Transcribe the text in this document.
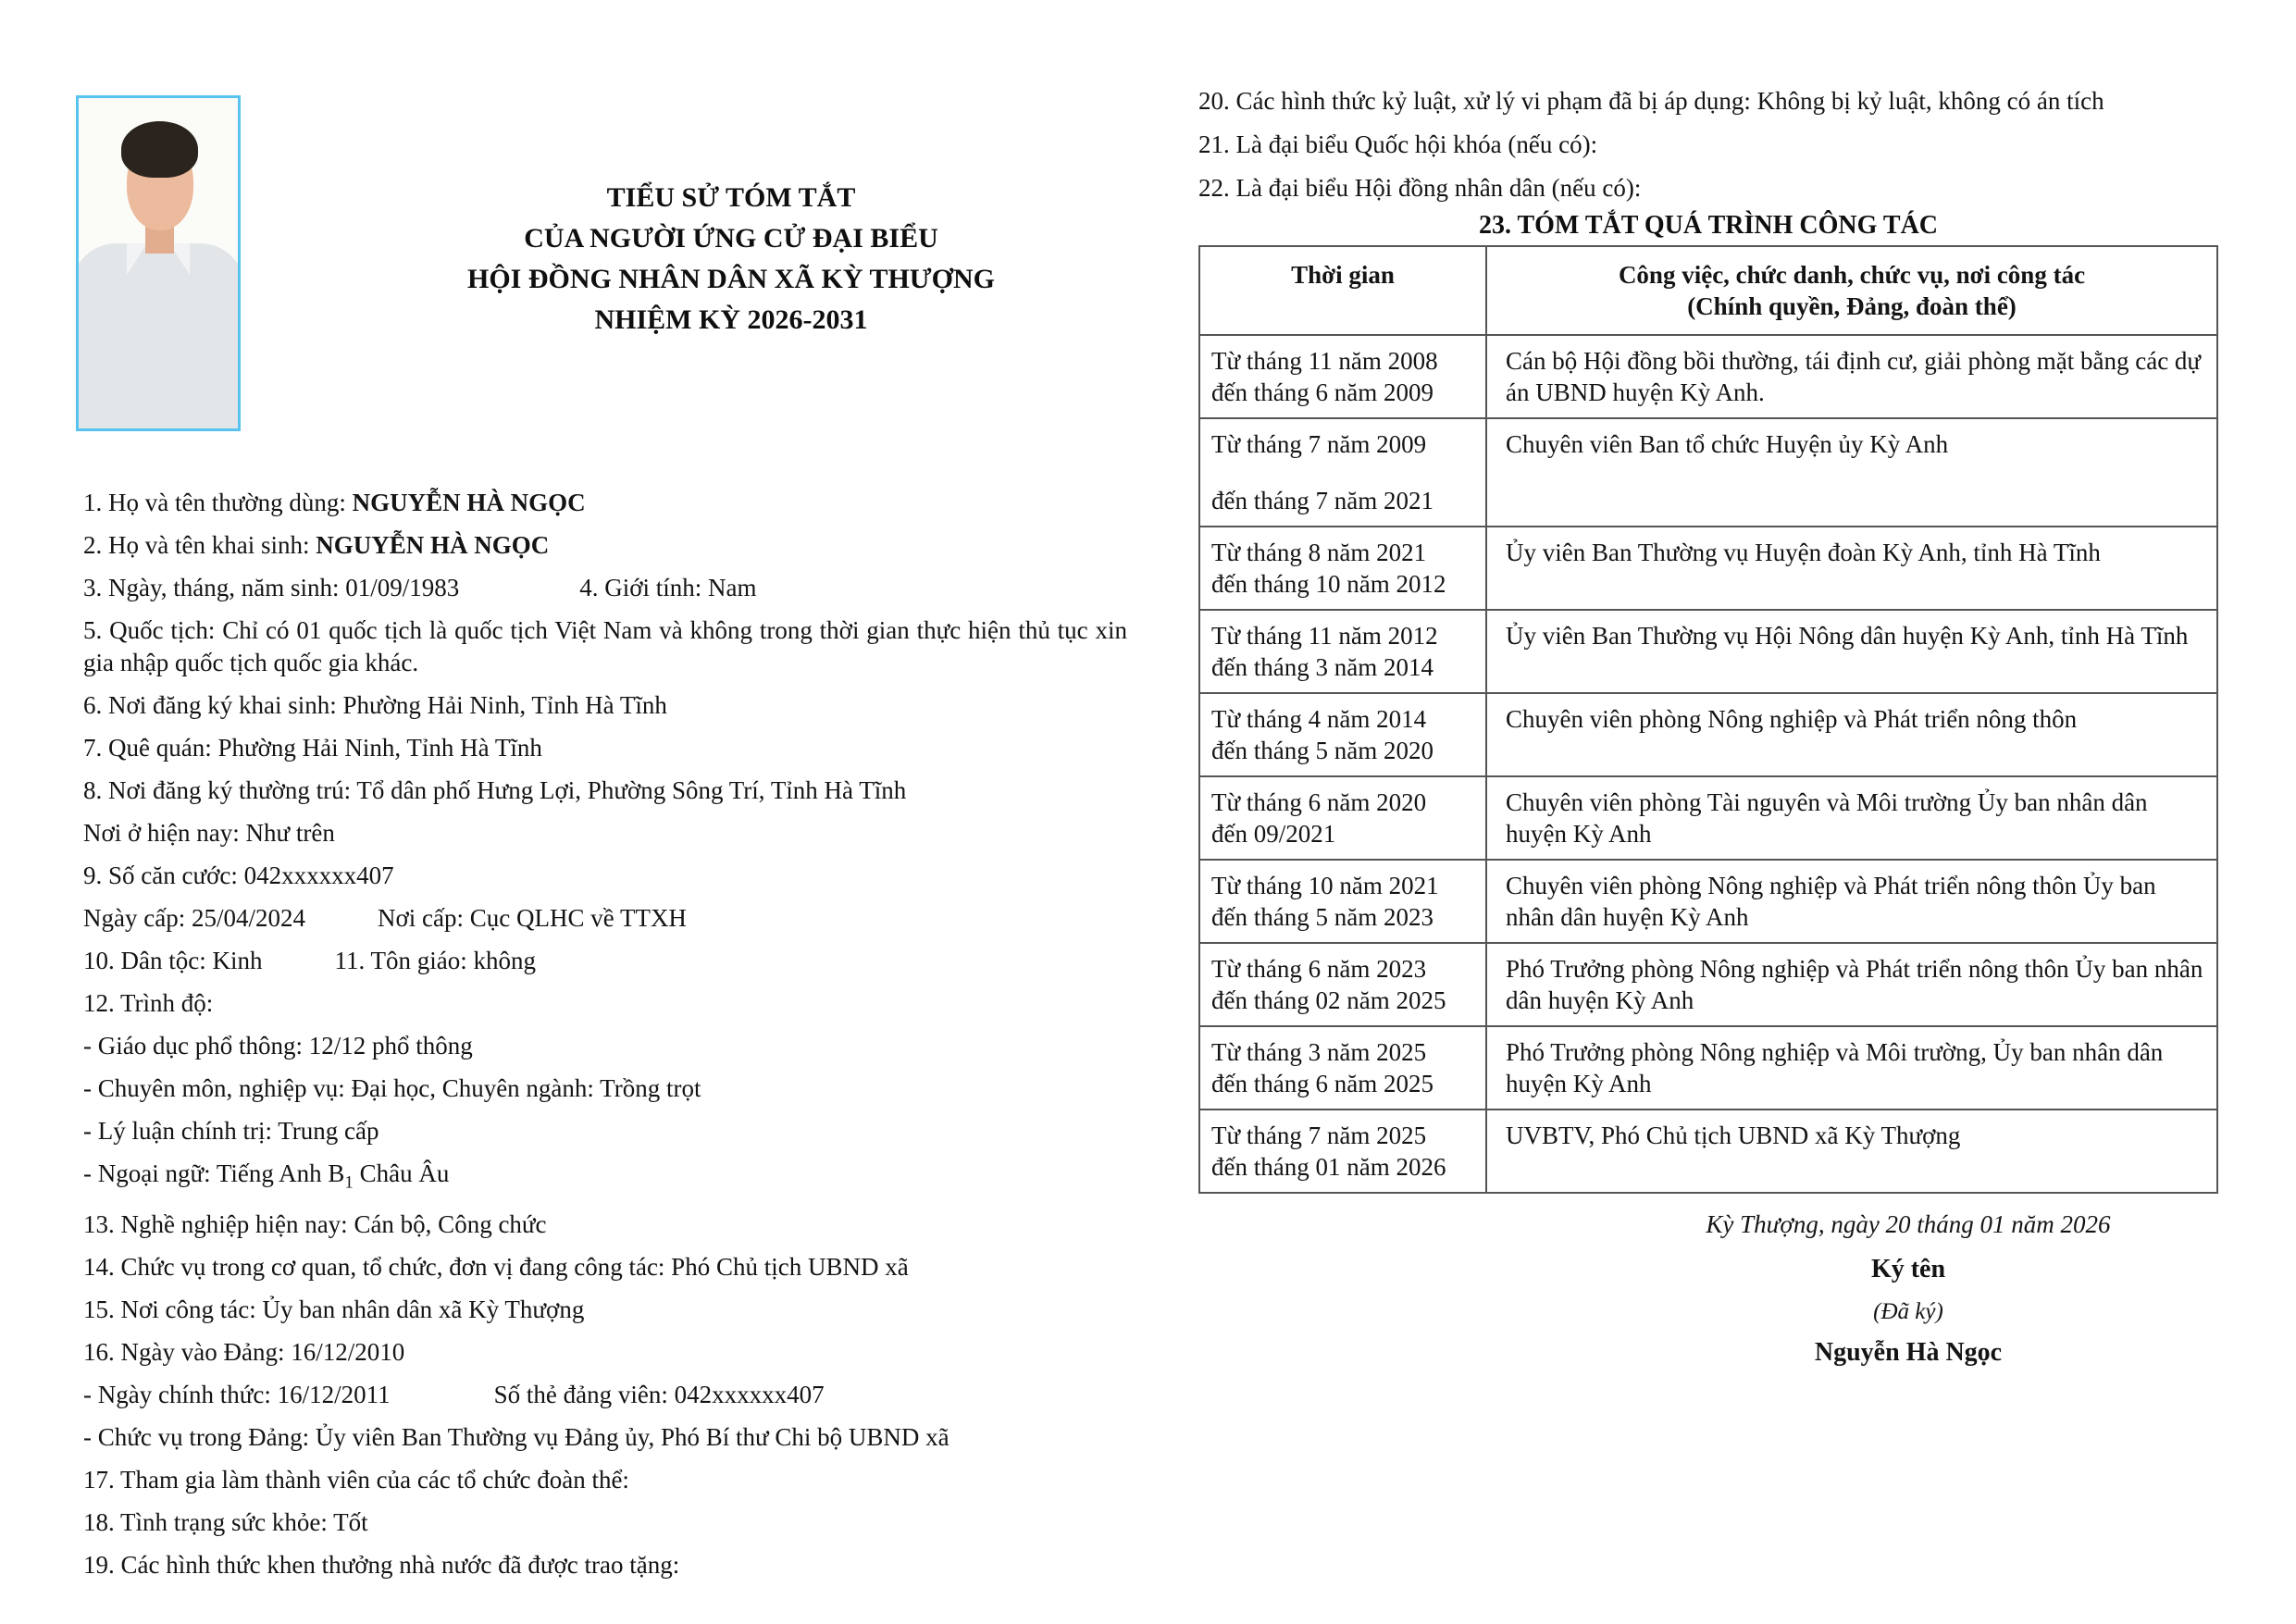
TIỂU SỬ TÓM TẮT
CỦA NGƯỜI ỨNG CỬ ĐẠI BIỂU
HỘI ĐỒNG NHÂN DÂN XÃ KỲ THƯỢNG
NHIỆM KỲ 2026-2031
1. Họ và tên thường dùng: NGUYỄN HÀ NGỌC
2. Họ và tên khai sinh: NGUYỄN HÀ NGỌC
3. Ngày, tháng, năm sinh: 01/09/1983	4. Giới tính: Nam
5. Quốc tịch: Chỉ có 01 quốc tịch là quốc tịch Việt Nam và không trong thời gian thực hiện thủ tục xin gia nhập quốc tịch quốc gia khác.
6. Nơi đăng ký khai sinh: Phường Hải Ninh, Tỉnh Hà Tĩnh
7. Quê quán: Phường Hải Ninh, Tỉnh Hà Tĩnh
8. Nơi đăng ký thường trú: Tổ dân phố Hưng Lợi, Phường Sông Trí, Tỉnh Hà Tĩnh
Nơi ở hiện nay: Như trên
9. Số căn cước: 042xxxxxx407
Ngày cấp: 25/04/2024	Nơi cấp: Cục QLHC về TTXH
10. Dân tộc: Kinh	11. Tôn giáo: không
12. Trình độ:
- Giáo dục phổ thông: 12/12 phổ thông
- Chuyên môn, nghiệp vụ: Đại học, Chuyên ngành: Trồng trọt
- Lý luận chính trị: Trung cấp
- Ngoại ngữ: Tiếng Anh $B_1$ Châu Âu
13. Nghề nghiệp hiện nay: Cán bộ, Công chức
14. Chức vụ trong cơ quan, tổ chức, đơn vị đang công tác: Phó Chủ tịch UBND xã
15. Nơi công tác: Ủy ban nhân dân xã Kỳ Thượng
16. Ngày vào Đảng: 16/12/2010
- Ngày chính thức: 16/12/2011	Số thẻ đảng viên: 042xxxxxx407
- Chức vụ trong Đảng: Ủy viên Ban Thường vụ Đảng ủy, Phó Bí thư Chi bộ UBND xã
17. Tham gia làm thành viên của các tổ chức đoàn thể:
18. Tình trạng sức khỏe: Tốt
19. Các hình thức khen thưởng nhà nước đã được trao tặng:
20. Các hình thức kỷ luật, xử lý vi phạm đã bị áp dụng: Không bị kỷ luật, không có án tích
21. Là đại biểu Quốc hội khóa (nếu có):
22. Là đại biểu Hội đồng nhân dân (nếu có):
23. TÓM TẮT QUÁ TRÌNH CÔNG TÁC
Thời gian	Công việc, chức danh, chức vụ, nơi công tác
(Chính quyền, Đảng, đoàn thể)

Từ tháng 11 năm 2008
đến tháng 6 năm 2009	Cán bộ Hội đồng bồi thường, tái định cư, giải phòng mặt bằng các dự án UBND huyện Kỳ Anh.

Từ tháng 7 năm 2009
đến tháng 7 năm 2021	Chuyên viên Ban tổ chức Huyện ủy Kỳ Anh

Từ tháng 8 năm 2021
đến tháng 10 năm 2012	Ủy viên Ban Thường vụ Huyện đoàn Kỳ Anh, tỉnh Hà Tĩnh

Từ tháng 11 năm 2012
đến tháng 3 năm 2014	Ủy viên Ban Thường vụ Hội Nông dân huyện Kỳ Anh, tỉnh Hà Tĩnh

Từ tháng 4 năm 2014
đến tháng 5 năm 2020	Chuyên viên phòng Nông nghiệp và Phát triển nông thôn

Từ tháng 6 năm 2020
đến 09/2021	Chuyên viên phòng Tài nguyên và Môi trường Ủy ban nhân dân huyện Kỳ Anh

Từ tháng 10 năm 2021
đến tháng 5 năm 2023	Chuyên viên phòng Nông nghiệp và Phát triển nông thôn Ủy ban nhân dân huyện Kỳ Anh

Từ tháng 6 năm 2023
đến tháng 02 năm 2025	Phó Trưởng phòng Nông nghiệp và Phát triển nông thôn Ủy ban nhân dân huyện Kỳ Anh

Từ tháng 3 năm 2025
đến tháng 6 năm 2025	Phó Trưởng phòng Nông nghiệp và Môi trường, Ủy ban nhân dân huyện Kỳ Anh

Từ tháng 7 năm 2025
đến tháng 01 năm 2026	UVBTV, Phó Chủ tịch UBND xã Kỳ Thượng
Kỳ Thượng, ngày 20 tháng 01 năm 2026
Ký tên
(Đã ký)
Nguyễn Hà Ngọc
